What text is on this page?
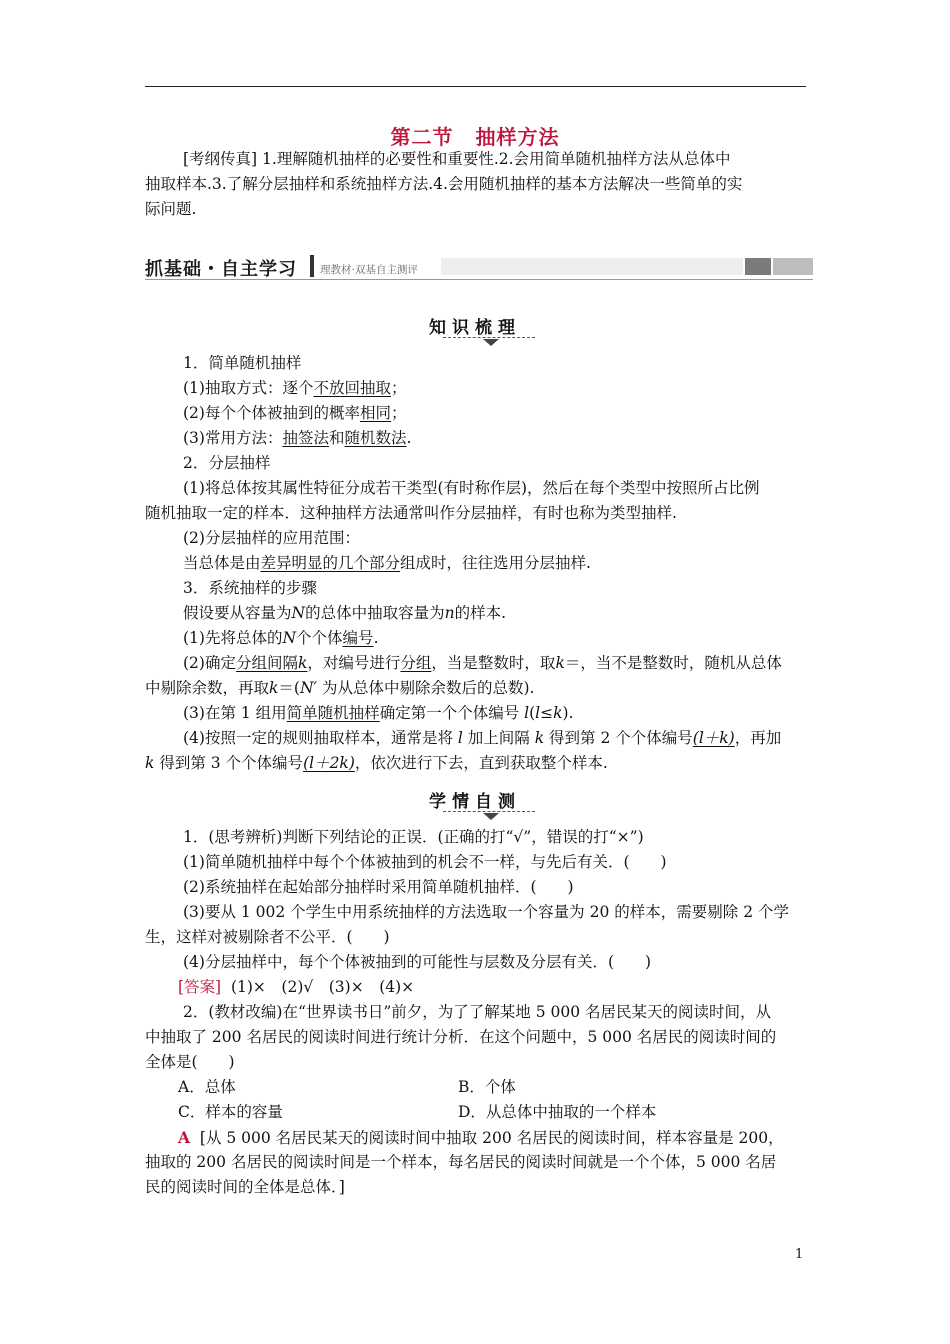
第二节 抽样方法
[考纲传真] 1.理解随机抽样的必要性和重要性.2.会用简单随机抽样方法从总体中
抽取样本.3.了解分层抽样和系统抽样方法.4.会用随机抽样的基本方法解决一些简单的实
际问题.
抓基础・自主学习 理教材·双基自主测评
知识梳理
1．简单随机抽样
(1)抽取方式：逐个不放回抽取；
(2)每个个体被抽到的概率相同；
(3)常用方法：抽签法和随机数法.
2．分层抽样
(1)将总体按其属性特征分成若干类型(有时称作层)，然后在每个类型中按照所占比例
随机抽取一定的样本．这种抽样方法通常叫作分层抽样，有时也称为类型抽样.
(2)分层抽样的应用范围：
当总体是由差异明显的几个部分组成时，往往选用分层抽样.
3．系统抽样的步骤
假设要从容量为N的总体中抽取容量为n的样本.
(1)先将总体的N个个体编号.
(2)确定分组间隔k，对编号进行分组，当是整数时，取k＝，当不是整数时，随机从总体
中剔除余数，再取k＝(N′ 为从总体中剔除余数后的总数).
(3)在第 1 组用简单随机抽样确定第一个个体编号 l(l≤k).
(4)按照一定的规则抽取样本，通常是将 l 加上间隔 k 得到第 2 个个体编号(l＋k)，再加
k 得到第 3 个个体编号(l＋2k)，依次进行下去，直到获取整个样本.
学情自测
1．(思考辨析)判断下列结论的正误．(正确的打“√”，错误的打“×”)
(1)简单随机抽样中每个个体被抽到的机会不一样，与先后有关．(　　)
(2)系统抽样在起始部分抽样时采用简单随机抽样．(　　)
(3)要从 1 002 个学生中用系统抽样的方法选取一个容量为 20 的样本，需要剔除 2 个学
生，这样对被剔除者不公平．(　　)
(4)分层抽样中，每个个体被抽到的可能性与层数及分层有关．(　　)
[答案] (1)×　(2)√　(3)×　(4)×
2．(教材改编)在“世界读书日”前夕，为了了解某地 5 000 名居民某天的阅读时间，从
中抽取了 200 名居民的阅读时间进行统计分析．在这个问题中，5 000 名居民的阅读时间的
全体是(　　)
A．总体	B．个体
C．样本的容量	D．从总体中抽取的一个样本
A [从 5 000 名居民某天的阅读时间中抽取 200 名居民的阅读时间，样本容量是 200，
抽取的 200 名居民的阅读时间是一个样本，每名居民的阅读时间就是一个个体，5 000 名居
民的阅读时间的全体是总体．]
1
